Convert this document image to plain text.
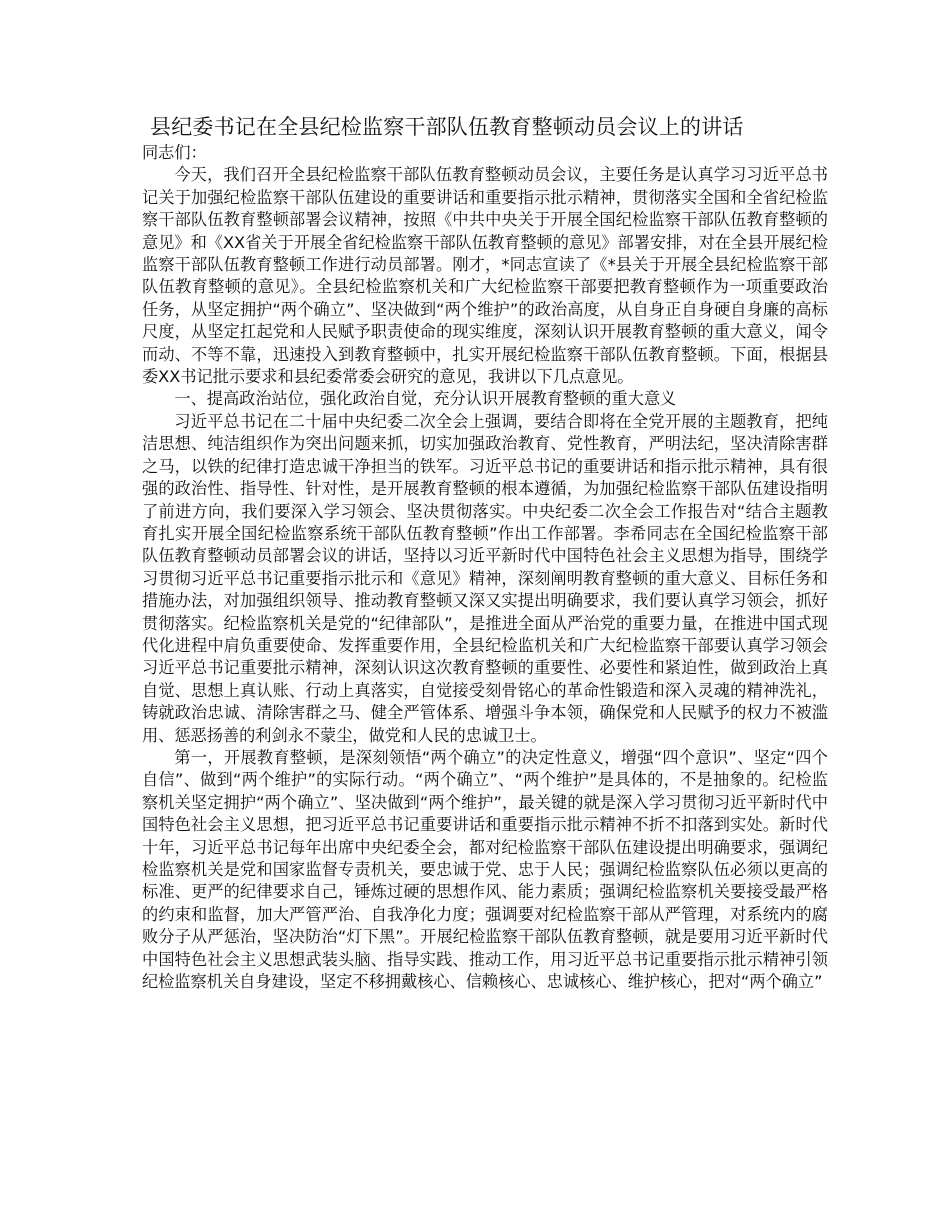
县纪委书记在全县纪检监察干部队伍教育整顿动员会议上的讲话

同志们：

今天，我们召开全县纪检监察干部队伍教育整顿动员会议，主要任务是认真学习习近平总书记关于加强纪检监察干部队伍建设的重要讲话和重要指示批示精神，贯彻落实全国和全省纪检监察干部队伍教育整顿部署会议精神，按照《中共中央关于开展全国纪检监察干部队伍教育整顿的意见》和《XX省关于开展全省纪检监察干部队伍教育整顿的意见》部署安排，对在全县开展纪检监察干部队伍教育整顿工作进行动员部署。刚才，*同志宣读了《*县关于开展全县纪检监察干部队伍教育整顿的意见》。全县纪检监察机关和广大纪检监察干部要把教育整顿作为一项重要政治任务，从坚定拥护“两个确立”、坚决做到“两个维护”的政治高度，从自身正自身硬自身廉的高标尺度，从坚定扛起党和人民赋予职责使命的现实维度，深刻认识开展教育整顿的重大意义，闻令而动、不等不靠，迅速投入到教育整顿中，扎实开展纪检监察干部队伍教育整顿。下面，根据县委XX书记批示要求和县纪委常委会研究的意见，我讲以下几点意见。

一、提高政治站位，强化政治自觉，充分认识开展教育整顿的重大意义

习近平总书记在二十届中央纪委二次全会上强调，要结合即将在全党开展的主题教育，把纯洁思想、纯洁组织作为突出问题来抓，切实加强政治教育、党性教育，严明法纪，坚决清除害群之马，以铁的纪律打造忠诚干净担当的铁军。习近平总书记的重要讲话和指示批示精神，具有很强的政治性、指导性、针对性，是开展教育整顿的根本遵循，为加强纪检监察干部队伍建设指明了前进方向，我们要深入学习领会、坚决贯彻落实。中央纪委二次全会工作报告对“结合主题教育扎实开展全国纪检监察系统干部队伍教育整顿”作出工作部署。李希同志在全国纪检监察干部队伍教育整顿动员部署会议的讲话，坚持以习近平新时代中国特色社会主义思想为指导，围绕学习贯彻习近平总书记重要指示批示和《意见》精神，深刻阐明教育整顿的重大意义、目标任务和措施办法，对加强组织领导、推动教育整顿又深又实提出明确要求，我们要认真学习领会，抓好贯彻落实。纪检监察机关是党的“纪律部队”，是推进全面从严治党的重要力量，在推进中国式现代化进程中肩负重要使命、发挥重要作用，全县纪检监机关和广大纪检监察干部要认真学习领会习近平总书记重要批示精神，深刻认识这次教育整顿的重要性、必要性和紧迫性，做到政治上真自觉、思想上真认账、行动上真落实，自觉接受刻骨铭心的革命性锻造和深入灵魂的精神洗礼，铸就政治忠诚、清除害群之马、健全严管体系、增强斗争本领，确保党和人民赋予的权力不被滥用、惩恶扬善的利剑永不蒙尘，做党和人民的忠诚卫士。

第一，开展教育整顿，是深刻领悟“两个确立”的决定性意义，增强“四个意识”、坚定“四个自信”、做到“两个维护”的实际行动。“两个确立”、“两个维护”是具体的，不是抽象的。纪检监察机关坚定拥护“两个确立”、坚决做到“两个维护”，最关键的就是深入学习贯彻习近平新时代中国特色社会主义思想，把习近平总书记重要讲话和重要指示批示精神不折不扣落到实处。新时代十年，习近平总书记每年出席中央纪委全会，都对纪检监察干部队伍建设提出明确要求，强调纪检监察机关是党和国家监督专责机关，要忠诚于党、忠于人民；强调纪检监察队伍必须以更高的标准、更严的纪律要求自己，锤炼过硬的思想作风、能力素质；强调纪检监察机关要接受最严格的约束和监督，加大严管严治、自我净化力度；强调要对纪检监察干部从严管理，对系统内的腐败分子从严惩治，坚决防治“灯下黑”。开展纪检监察干部队伍教育整顿，就是要用习近平新时代中国特色社会主义思想武装头脑、指导实践、推动工作，用习近平总书记重要指示批示精神引领纪检监察机关自身建设，坚定不移拥戴核心、信赖核心、忠诚核心、维护核心，把对“两个确立”
